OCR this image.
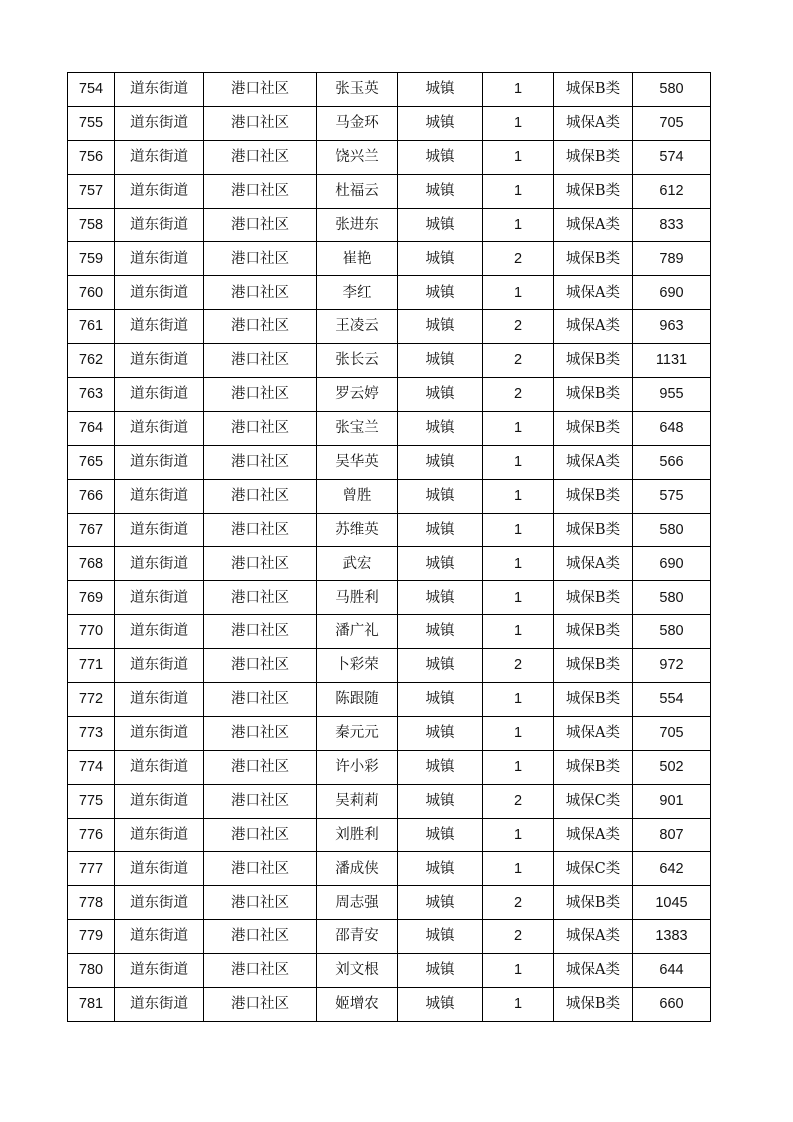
754	道东街道	港口社区	张玉英	城镇	1	城保B类	580
755	道东街道	港口社区	马金环	城镇	1	城保A类	705
756	道东街道	港口社区	饶兴兰	城镇	1	城保B类	574
757	道东街道	港口社区	杜福云	城镇	1	城保B类	612
758	道东街道	港口社区	张进东	城镇	1	城保A类	833
759	道东街道	港口社区	崔艳	城镇	2	城保B类	789
760	道东街道	港口社区	李红	城镇	1	城保A类	690
761	道东街道	港口社区	王凌云	城镇	2	城保A类	963
762	道东街道	港口社区	张长云	城镇	2	城保B类	1131
763	道东街道	港口社区	罗云婷	城镇	2	城保B类	955
764	道东街道	港口社区	张宝兰	城镇	1	城保B类	648
765	道东街道	港口社区	吴华英	城镇	1	城保A类	566
766	道东街道	港口社区	曾胜	城镇	1	城保B类	575
767	道东街道	港口社区	苏维英	城镇	1	城保B类	580
768	道东街道	港口社区	武宏	城镇	1	城保A类	690
769	道东街道	港口社区	马胜利	城镇	1	城保B类	580
770	道东街道	港口社区	潘广礼	城镇	1	城保B类	580
771	道东街道	港口社区	卜彩荣	城镇	2	城保B类	972
772	道东街道	港口社区	陈跟随	城镇	1	城保B类	554
773	道东街道	港口社区	秦元元	城镇	1	城保A类	705
774	道东街道	港口社区	许小彩	城镇	1	城保B类	502
775	道东街道	港口社区	吴莉莉	城镇	2	城保C类	901
776	道东街道	港口社区	刘胜利	城镇	1	城保A类	807
777	道东街道	港口社区	潘成侠	城镇	1	城保C类	642
778	道东街道	港口社区	周志强	城镇	2	城保B类	1045
779	道东街道	港口社区	邵青安	城镇	2	城保A类	1383
780	道东街道	港口社区	刘文根	城镇	1	城保A类	644
781	道东街道	港口社区	姬增农	城镇	1	城保B类	660
